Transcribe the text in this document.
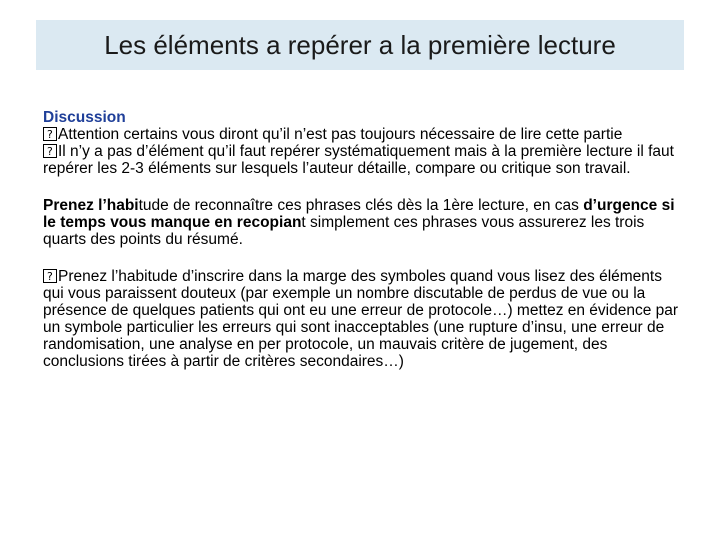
Les éléments a repérer a la première lecture

Discussion

?Attention certains vous diront qu’il n’est pas toujours nécessaire de lire cette partie

?Il n’y a pas d’élément qu’il faut repérer systématiquement mais à la première lecture il faut repérer les 2-3 éléments sur lesquels l’auteur détaille, compare ou critique son travail.

Prenez l’habitude de reconnaître ces phrases clés dès la 1ère lecture, en cas d’urgence si le temps vous manque en recopiant simplement ces phrases vous assurerez les trois quarts des points du résumé.

?Prenez l’habitude d’inscrire dans la marge des symboles quand vous lisez des éléments qui vous paraissent douteux (par exemple un nombre discutable de perdus de vue ou la présence de quelques patients qui ont eu une erreur de protocole…) mettez en évidence par un symbole particulier les erreurs qui sont inacceptables (une rupture d’insu, une erreur de randomisation, une analyse en per protocole, un mauvais critère de jugement, des conclusions tirées à partir de critères secondaires…)
